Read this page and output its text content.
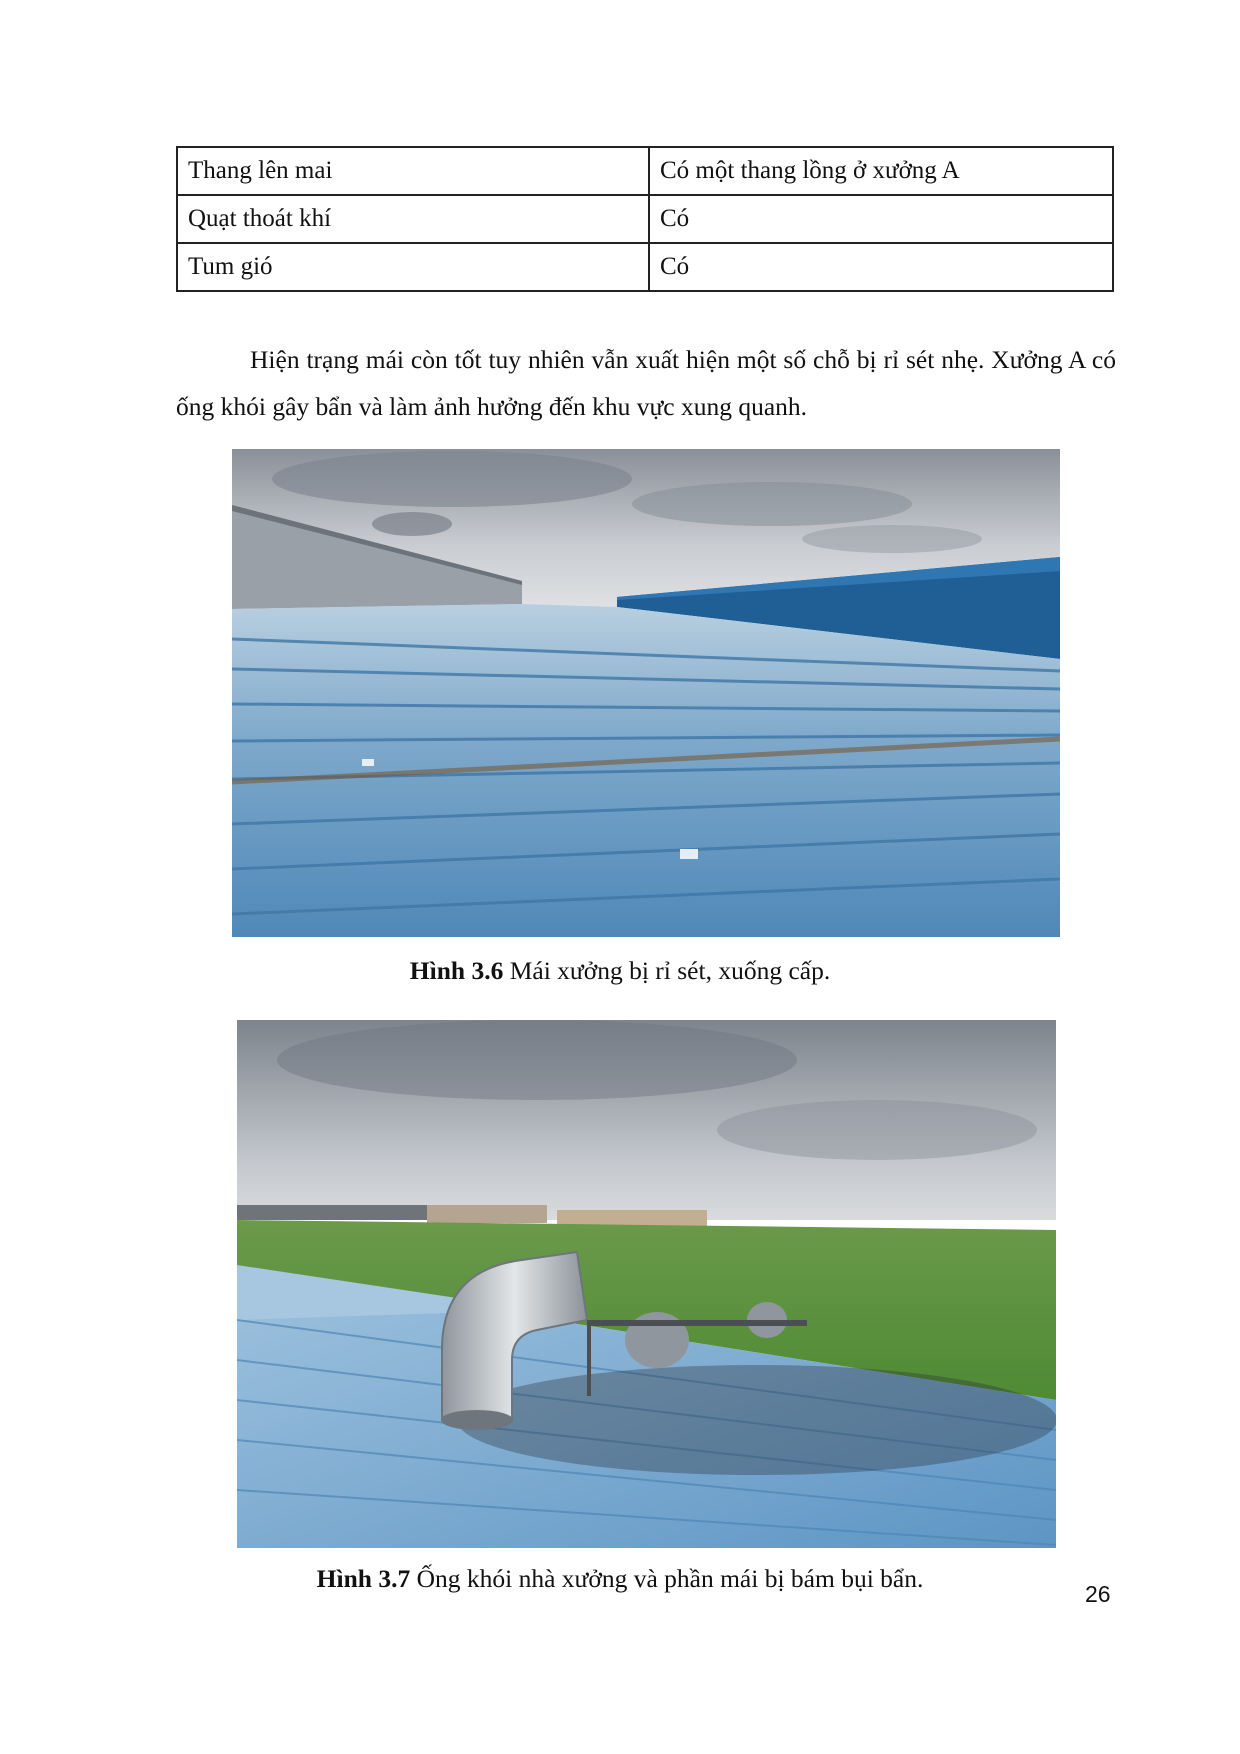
Thang lên mai	Có một thang lồng ở xưởng A
Quạt thoát khí	Có
Tum gió	Có
Hiện trạng mái còn tốt tuy nhiên vẫn xuất hiện một số chỗ bị rỉ sét nhẹ. Xưởng A có ống khói gây bẩn và làm ảnh hưởng đến khu vực xung quanh.
Hình 3.6 Mái xưởng bị rỉ sét, xuống cấp.
Hình 3.7 Ống khói nhà xưởng và phần mái bị bám bụi bẩn.
26
